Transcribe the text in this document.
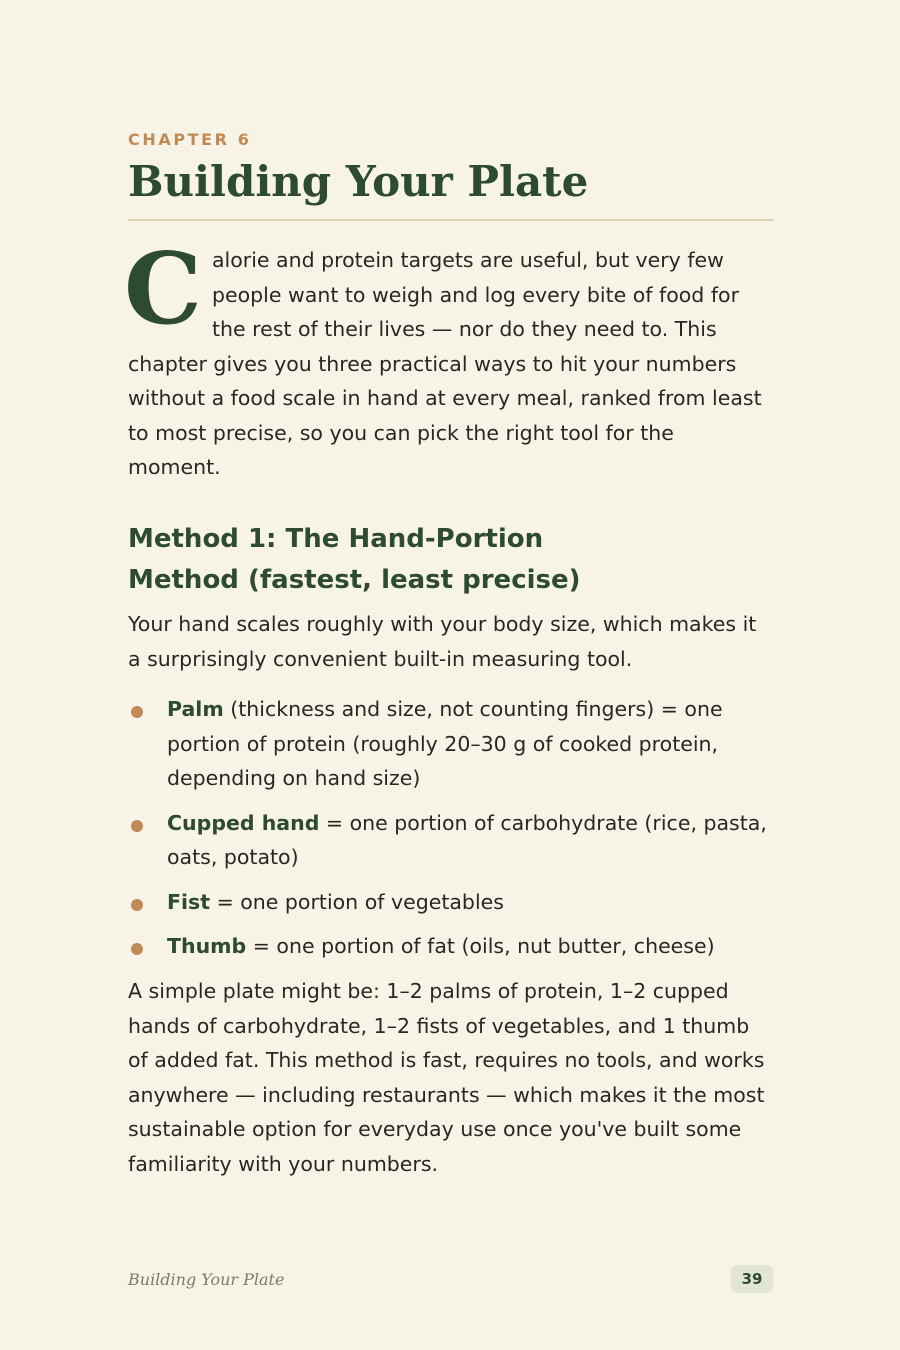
CHAPTER 6
Building Your Plate

Calorie and protein targets are useful, but very few people want to weigh and log every bite of food for the rest of their lives — nor do they need to. This chapter gives you three practical ways to hit your numbers without a food scale in hand at every meal, ranked from least to most precise, so you can pick the right tool for the moment.

Method 1: The Hand-Portion
Method (fastest, least precise)

Your hand scales roughly with your body size, which makes it a surprisingly convenient built-in measuring tool.

Palm (thickness and size, not counting fingers) = one portion of protein (roughly 20–30 g of cooked protein, depending on hand size)
Cupped hand = one portion of carbohydrate (rice, pasta, oats, potato)
Fist = one portion of vegetables
Thumb = one portion of fat (oils, nut butter, cheese)

A simple plate might be: 1–2 palms of protein, 1–2 cupped hands of carbohydrate, 1–2 fists of vegetables, and 1 thumb of added fat. This method is fast, requires no tools, and works anywhere — including restaurants — which makes it the most sustainable option for everyday use once you've built some familiarity with your numbers.

Building Your Plate	39
